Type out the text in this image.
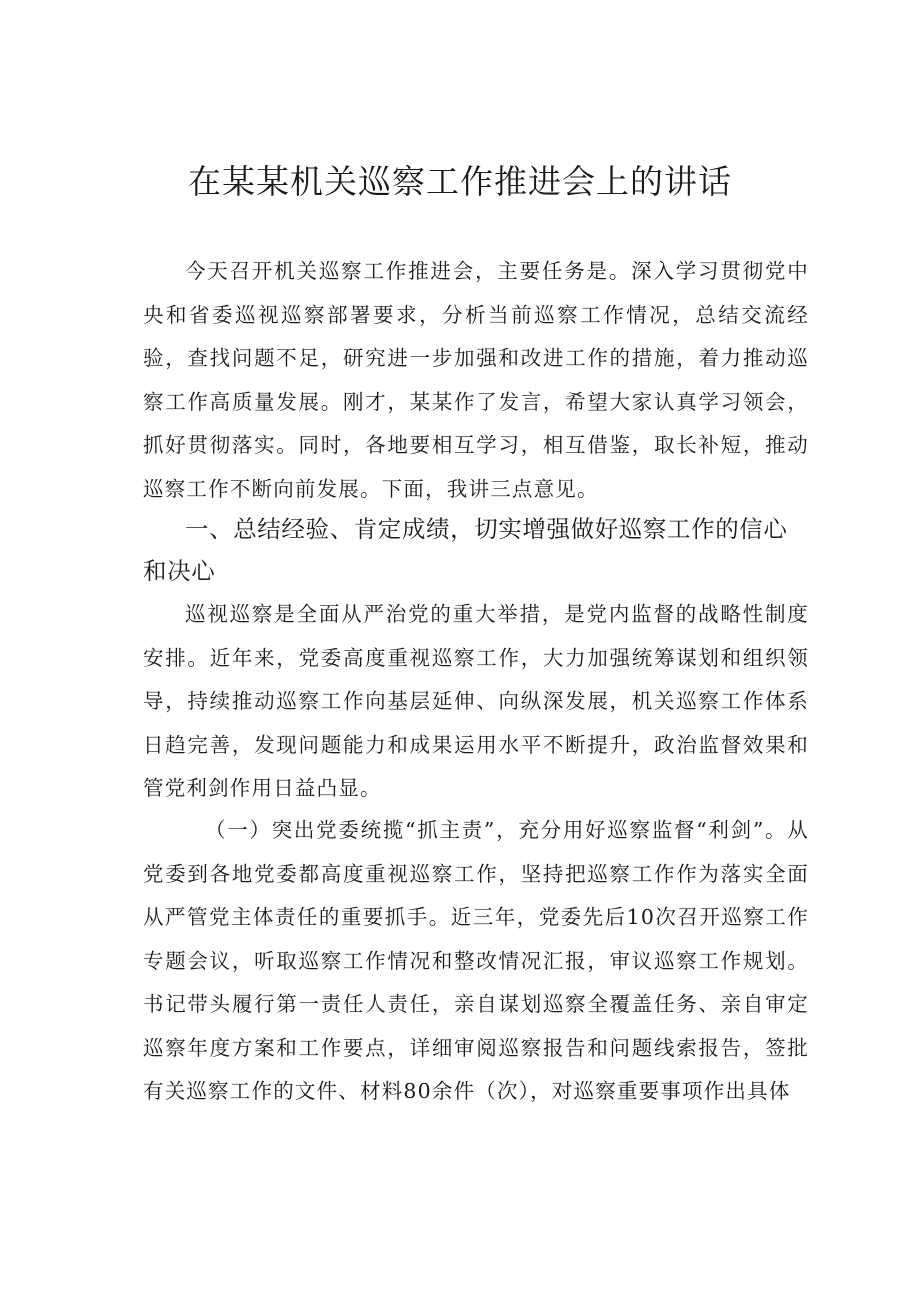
在某某机关巡察工作推进会上的讲话

今天召开机关巡察工作推进会，主要任务是。深入学习贯彻党中央和省委巡视巡察部署要求，分析当前巡察工作情况，总结交流经验，查找问题不足，研究进一步加强和改进工作的措施，着力推动巡察工作高质量发展。刚才，某某作了发言，希望大家认真学习领会，抓好贯彻落实。同时，各地要相互学习，相互借鉴，取长补短，推动巡察工作不断向前发展。下面，我讲三点意见。

一、总结经验、肯定成绩，切实增强做好巡察工作的信心和决心

巡视巡察是全面从严治党的重大举措，是党内监督的战略性制度安排。近年来，党委高度重视巡察工作，大力加强统筹谋划和组织领导，持续推动巡察工作向基层延伸、向纵深发展，机关巡察工作体系日趋完善，发现问题能力和成果运用水平不断提升，政治监督效果和管党利剑作用日益凸显。

（一）突出党委统揽“抓主责”，充分用好巡察监督“利剑”。从党委到各地党委都高度重视巡察工作，坚持把巡察工作作为落实全面从严管党主体责任的重要抓手。近三年，党委先后10次召开巡察工作专题会议，听取巡察工作情况和整改情况汇报，审议巡察工作规划。书记带头履行第一责任人责任，亲自谋划巡察全覆盖任务、亲自审定巡察年度方案和工作要点，详细审阅巡察报告和问题线索报告，签批有关巡察工作的文件、材料80余件（次），对巡察重要事项作出具体
